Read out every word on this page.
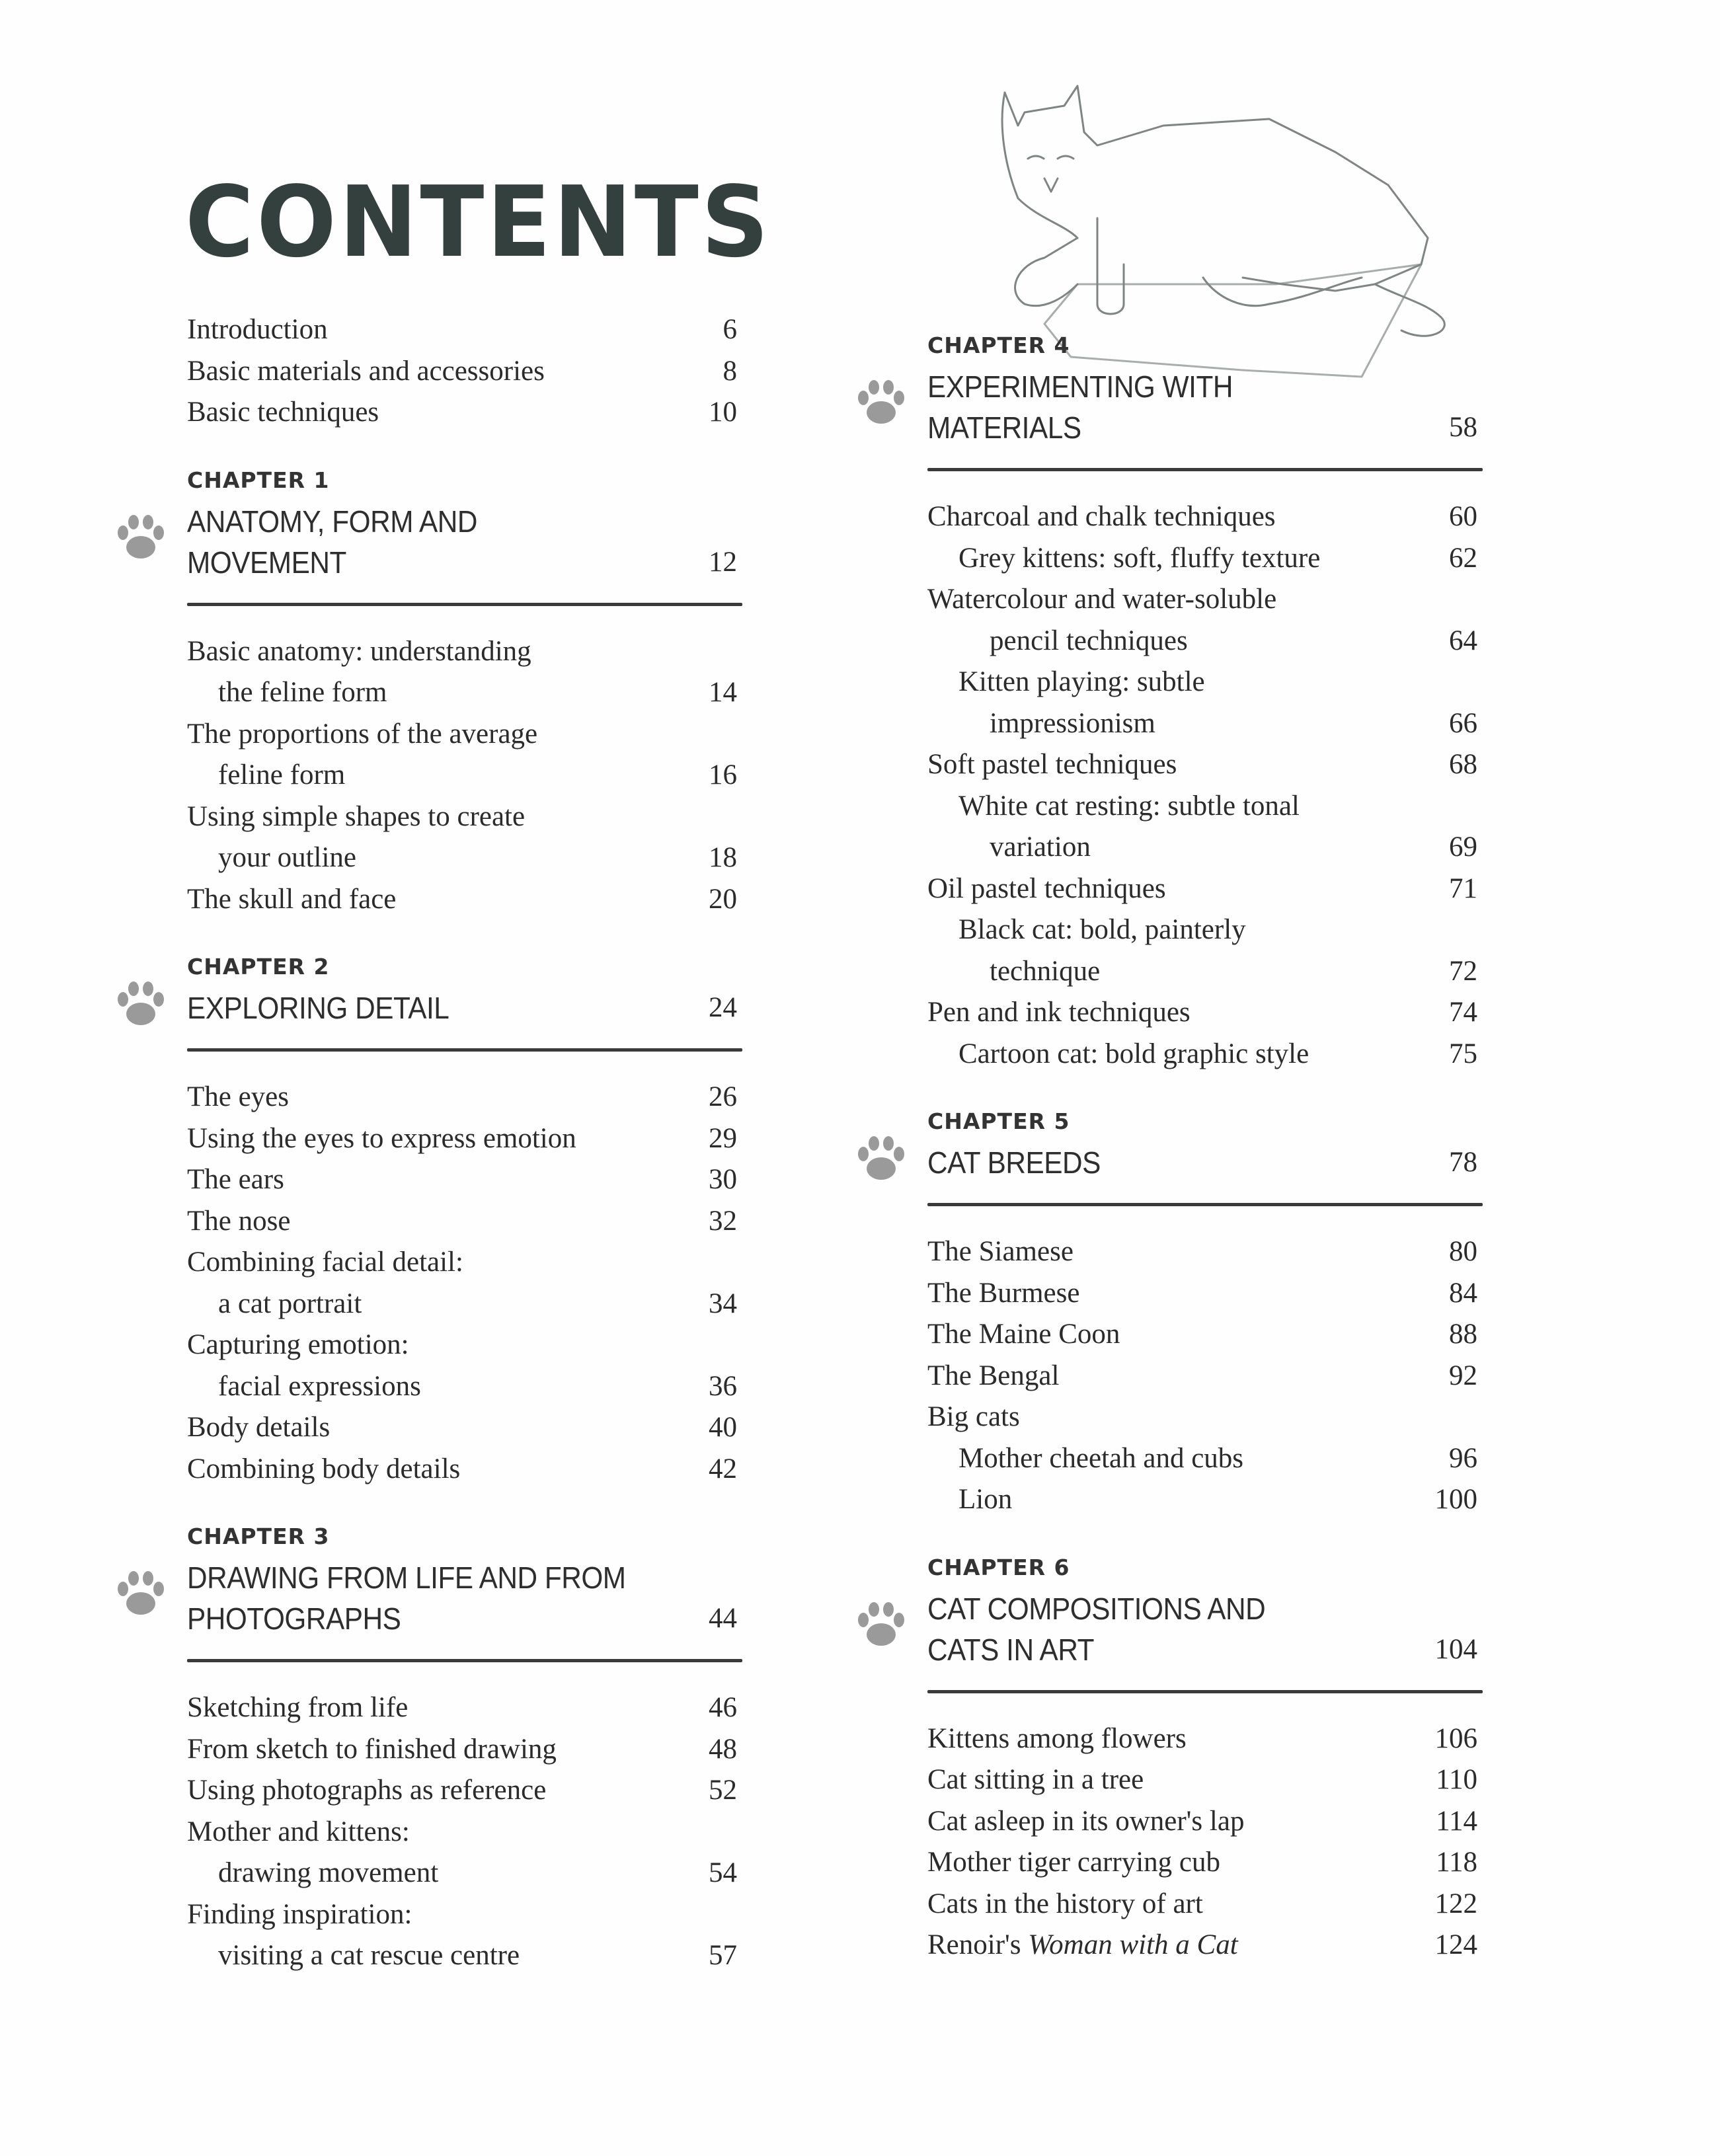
CONTENTS
Introduction	6
Basic materials and accessories	8
Basic techniques	10
CHAPTER 1
ANATOMY, FORM AND
MOVEMENT	12
Basic anatomy: understanding
the feline form	14
The proportions of the average
feline form	16
Using simple shapes to create
your outline	18
The skull and face	20
CHAPTER 2
EXPLORING DETAIL	24
The eyes	26
Using the eyes to express emotion	29
The ears	30
The nose	32
Combining facial detail:
a cat portrait	34
Capturing emotion:
facial expressions	36
Body details	40
Combining body details	42
CHAPTER 3
DRAWING FROM LIFE AND FROM
PHOTOGRAPHS	44
Sketching from life	46
From sketch to finished drawing	48
Using photographs as reference	52
Mother and kittens:
drawing movement	54
Finding inspiration:
visiting a cat rescue centre	57
CHAPTER 4
EXPERIMENTING WITH
MATERIALS	58
Charcoal and chalk techniques	60
Grey kittens: soft, fluffy texture	62
Watercolour and water-soluble
pencil techniques	64
Kitten playing: subtle
impressionism	66
Soft pastel techniques	68
White cat resting: subtle tonal
variation	69
Oil pastel techniques	71
Black cat: bold, painterly
technique	72
Pen and ink techniques	74
Cartoon cat: bold graphic style	75
CHAPTER 5
CAT BREEDS	78
The Siamese	80
The Burmese	84
The Maine Coon	88
The Bengal	92
Big cats
Mother cheetah and cubs	96
Lion	100
CHAPTER 6
CAT COMPOSITIONS AND
CATS IN ART	104
Kittens among flowers	106
Cat sitting in a tree	110
Cat asleep in its owner's lap	114
Mother tiger carrying cub	118
Cats in the history of art	122
Renoir's Woman with a Cat	124
